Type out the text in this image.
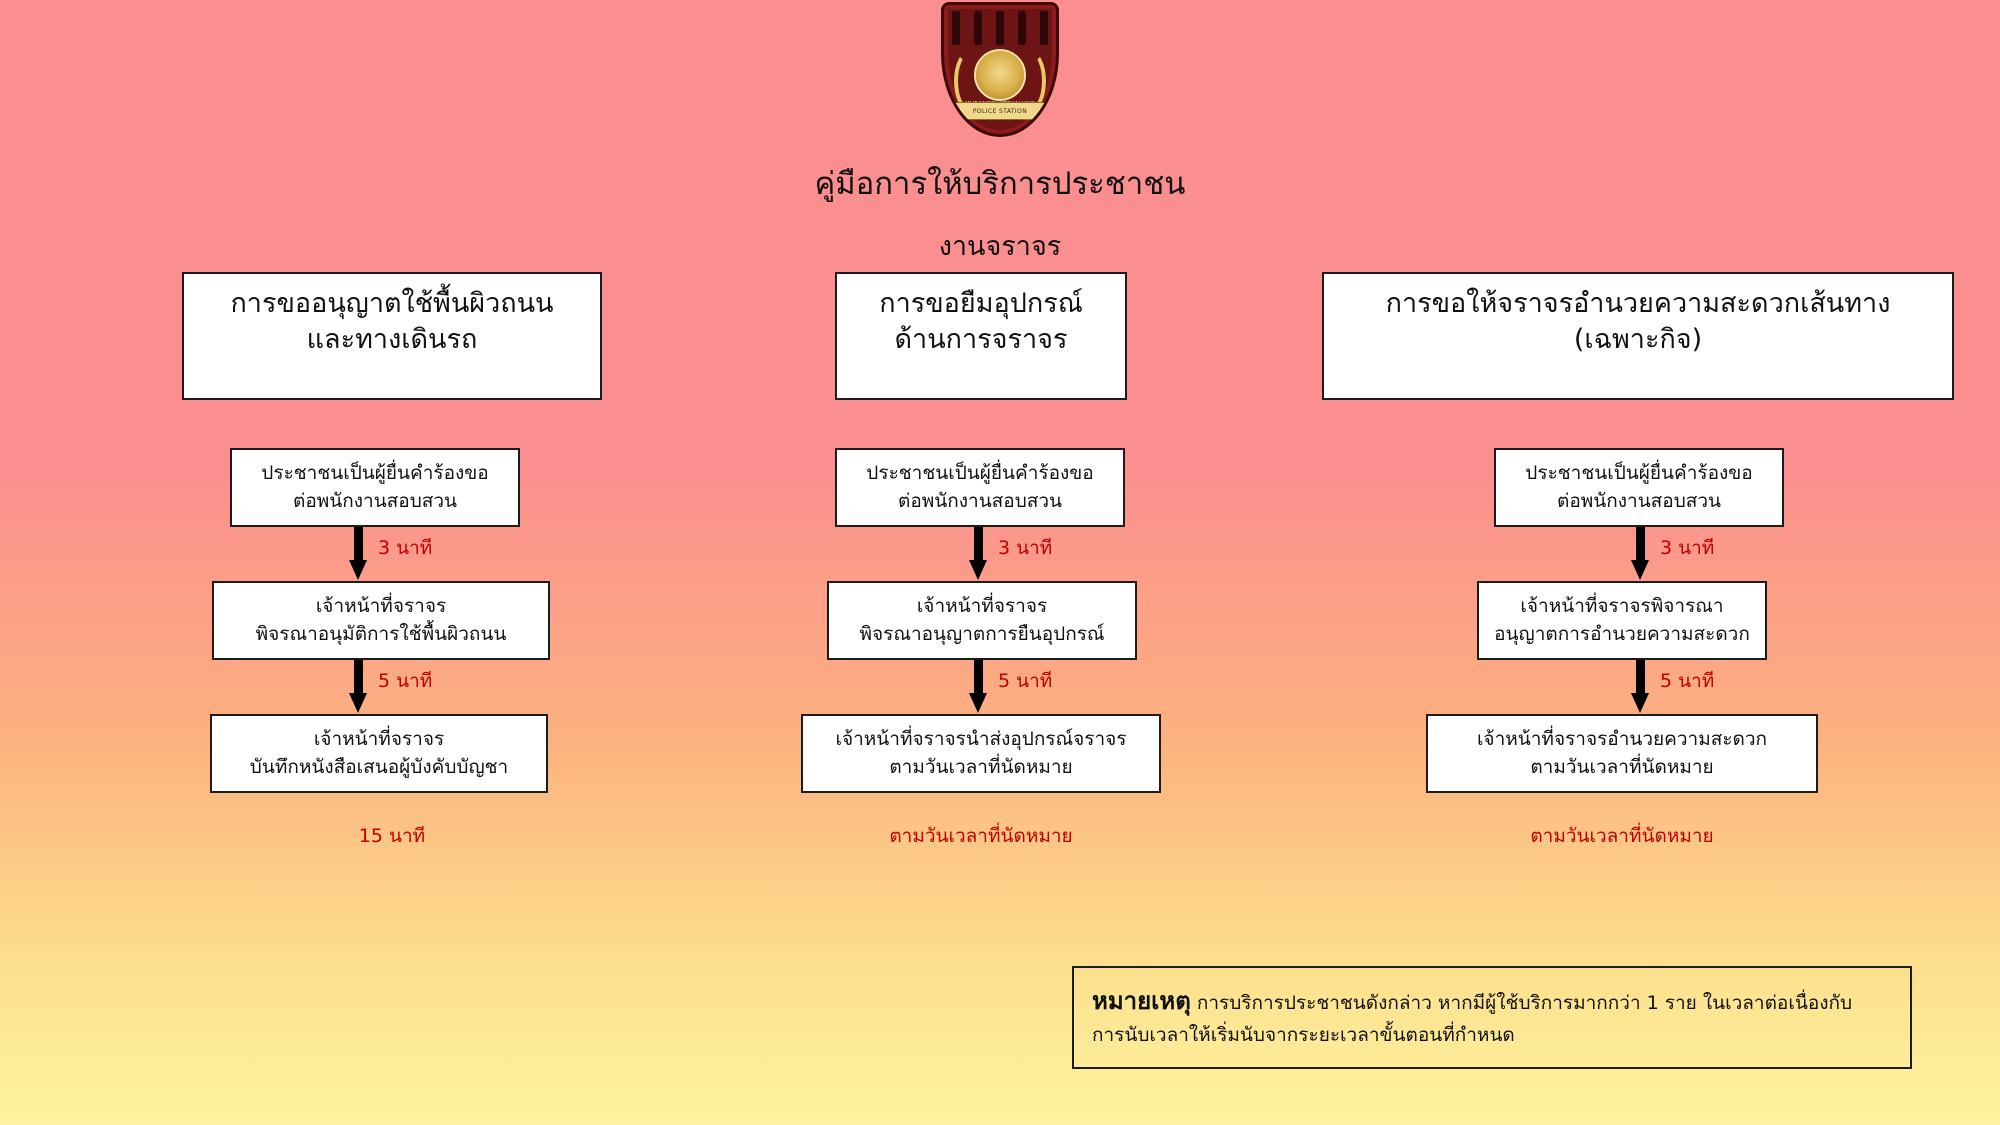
POLICE STATION
คู่มือการให้บริการประชาชน
งานจราจร
การขออนุญาตใช้พื้นผิวถนน
และทางเดินรถ
ประชาชนเป็นผู้ยื่นคำร้องขอ
ต่อพนักงานสอบสวน
3 นาที
เจ้าหน้าที่จราจร
พิจรณาอนุมัติการใช้พื้นผิวถนน
5 นาที
เจ้าหน้าที่จราจร
บันทึกหนังสือเสนอผู้บังคับบัญชา
15 นาที
การขอยืมอุปกรณ์
ด้านการจราจร
ประชาชนเป็นผู้ยื่นคำร้องขอ
ต่อพนักงานสอบสวน
3 นาที
เจ้าหน้าที่จราจร
พิจรณาอนุญาตการยืนอุปกรณ์
5 นาที
เจ้าหน้าที่จราจรนำส่งอุปกรณ์จราจร
ตามวันเวลาที่นัดหมาย
ตามวันเวลาที่นัดหมาย
การขอให้จราจรอำนวยความสะดวกเส้นทาง
(เฉพาะกิจ)
ประชาชนเป็นผู้ยื่นคำร้องขอ
ต่อพนักงานสอบสวน
3 นาที
เจ้าหน้าที่จราจรพิจารณา
อนุญาตการอำนวยความสะดวก
5 นาที
เจ้าหน้าที่จราจรอำนวยความสะดวก
ตามวันเวลาที่นัดหมาย
ตามวันเวลาที่นัดหมาย
หมายเหตุ การบริการประชาชนดังกล่าว หากมีผู้ใช้บริการมากกว่า 1 ราย ในเวลาต่อเนื่องกับ
การนับเวลาให้เริ่มนับจากระยะเวลาขั้นตอนที่กำหนด
